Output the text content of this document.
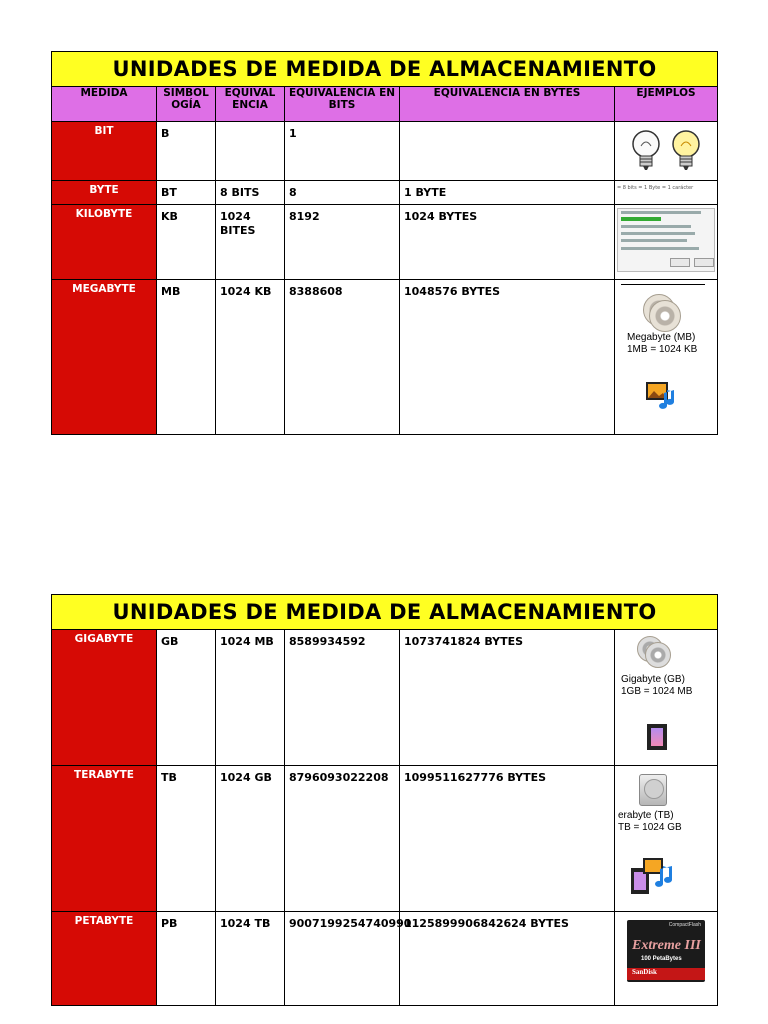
UNIDADES DE MEDIDA DE ALMACENAMIENTO					
MEDIDA	SIMBOL OGÍA	EQUIVAL ENCIA	EQUIVALENCIA EN BITS	EQUIVALENCIA EN BYTES	EJEMPLOS
BIT	B		1		

BYTE	BT	8 BITS	8	1 BYTE	= 8 bits = 1 Byte = 1 carácter

KILOBYTE	KB	1024 BITES	8192	1024 BYTES	

MEGABYTE	MB	1024 KB	8388608	1048576 BYTES	Megabyte (MB)
1MB = 1024 KB
UNIDADES DE MEDIDA DE ALMACENAMIENTO					
GIGABYTE	GB	1024 MB	8589934592	1073741824 BYTES	Gigabyte (GB)
1GB = 1024 MB

TERABYTE	TB	1024 GB	8796093022208	1099511627776 BYTES	erabyte (TB)
TB = 1024 GB

PETABYTE	PB	1024 TB	9007199254740990	1125899906842624 BYTES	CompactFlash
Extreme III
100 PetaBytes
SanDisk
